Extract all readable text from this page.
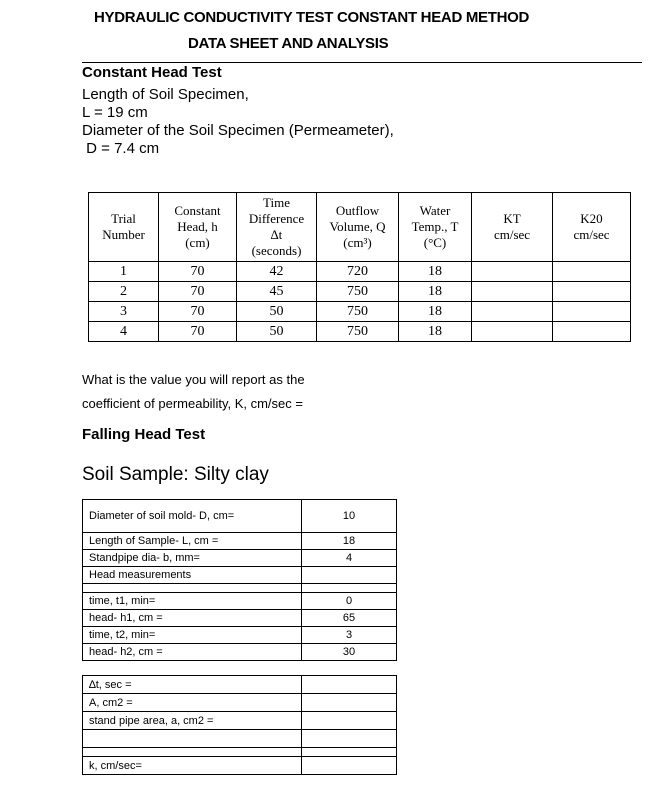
HYDRAULIC CONDUCTIVITY TEST CONSTANT HEAD METHOD
DATA SHEET AND ANALYSIS
Constant Head Test
Length of Soil Specimen,
L = 19 cm
Diameter of the Soil Specimen (Permeameter),
D = 7.4 cm
Trial
Number	Constant
Head, h
(cm)	Time
Difference
∆t
(seconds)	Outflow
Volume, Q
(cm³)	Water
Temp., T
(°C)	KT
cm/sec	K20
cm/sec
1	70	42	720	18		
2	70	45	750	18		
3	70	50	750	18		
4	70	50	750	18		
What is the value you will report as the
coefficient of permeability, K, cm/sec =
Falling Head Test
Soil Sample: Silty clay
Diameter of soil mold- D, cm=	10
Length of Sample- L, cm =	18
Standpipe dia- b, mm=	4
Head measurements	

time, t1, min=	0
head- h1, cm =	65
time, t2, min=	3
head- h2, cm =	30
∆t, sec =	
A, cm2 =	
stand pipe area, a, cm2 =	

k, cm/sec=	
